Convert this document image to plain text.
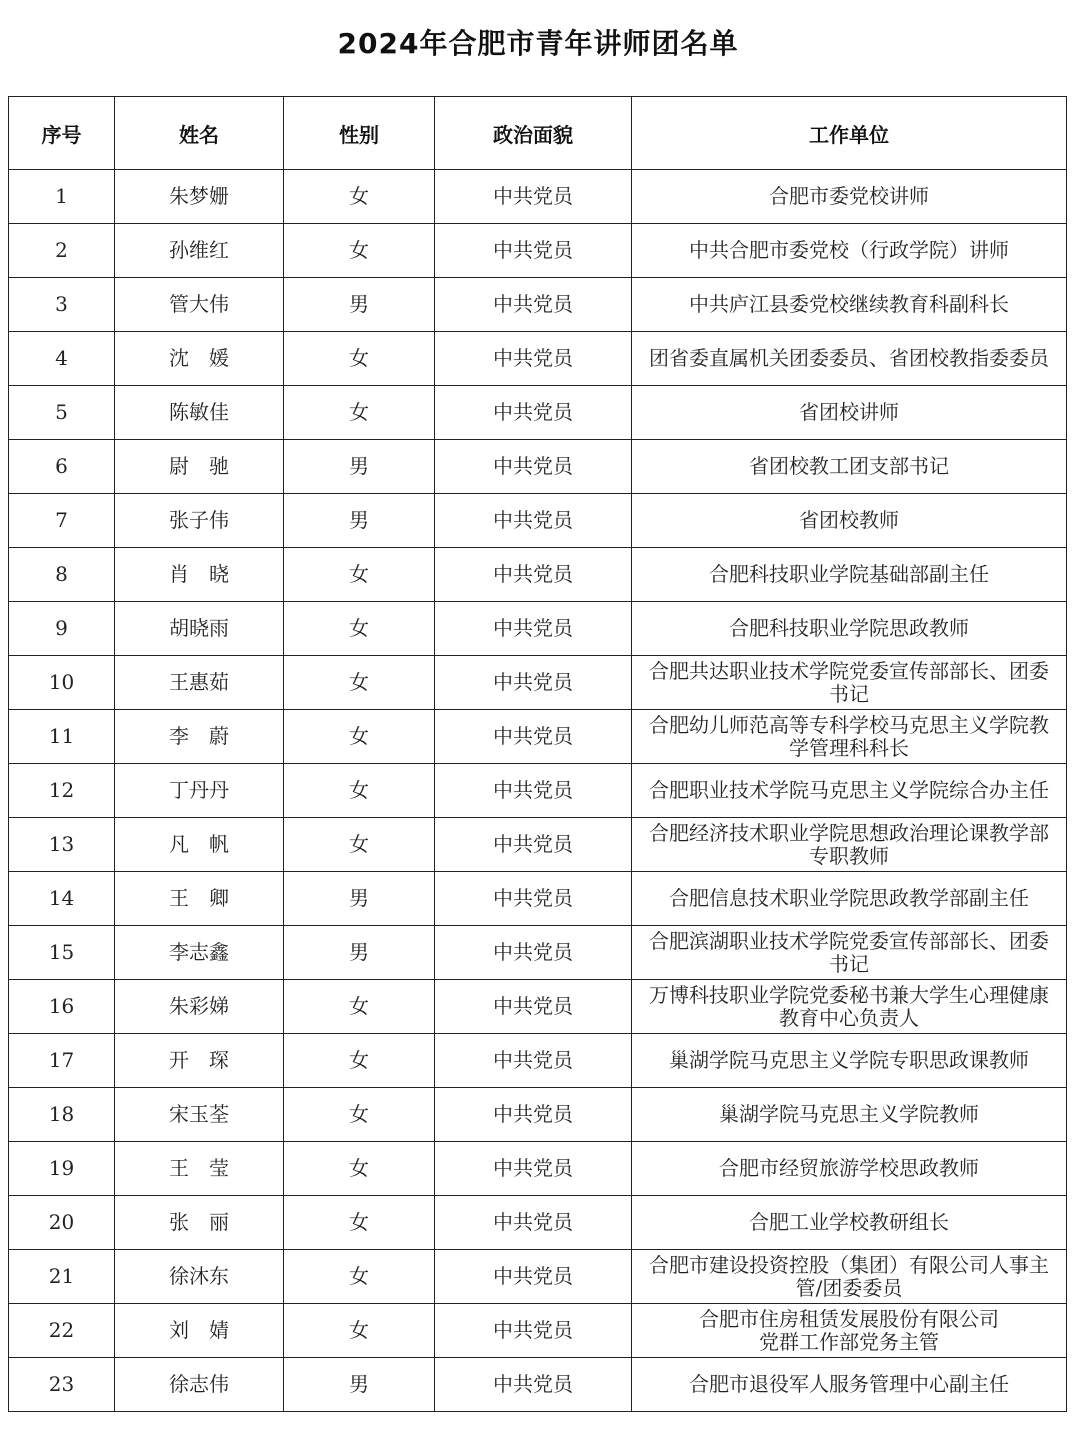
2024年合肥市青年讲师团名单
序号	姓名	性别	政治面貌	工作单位
1	朱梦姗	女	中共党员	合肥市委党校讲师
2	孙维红	女	中共党员	中共合肥市委党校（行政学院）讲师
3	管大伟	男	中共党员	中共庐江县委党校继续教育科副科长
4	沈　媛	女	中共党员	团省委直属机关团委委员、省团校教指委委员
5	陈敏佳	女	中共党员	省团校讲师
6	尉　驰	男	中共党员	省团校教工团支部书记
7	张子伟	男	中共党员	省团校教师
8	肖　晓	女	中共党员	合肥科技职业学院基础部副主任
9	胡晓雨	女	中共党员	合肥科技职业学院思政教师
10	王惠茹	女	中共党员	合肥共达职业技术学院党委宣传部部长、团委书记
11	李　蔚	女	中共党员	合肥幼儿师范高等专科学校马克思主义学院教学管理科科长
12	丁丹丹	女	中共党员	合肥职业技术学院马克思主义学院综合办主任
13	凡　帆	女	中共党员	合肥经济技术职业学院思想政治理论课教学部专职教师
14	王　卿	男	中共党员	合肥信息技术职业学院思政教学部副主任
15	李志鑫	男	中共党员	合肥滨湖职业技术学院党委宣传部部长、团委书记
16	朱彩娣	女	中共党员	万博科技职业学院党委秘书兼大学生心理健康教育中心负责人
17	开　琛	女	中共党员	巢湖学院马克思主义学院专职思政课教师
18	宋玉荃	女	中共党员	巢湖学院马克思主义学院教师
19	王　莹	女	中共党员	合肥市经贸旅游学校思政教师
20	张　丽	女	中共党员	合肥工业学校教研组长
21	徐沐东	女	中共党员	合肥市建设投资控股（集团）有限公司人事主管/团委委员
22	刘　婧	女	中共党员	合肥市住房租赁发展股份有限公司
党群工作部党务主管
23	徐志伟	男	中共党员	合肥市退役军人服务管理中心副主任
